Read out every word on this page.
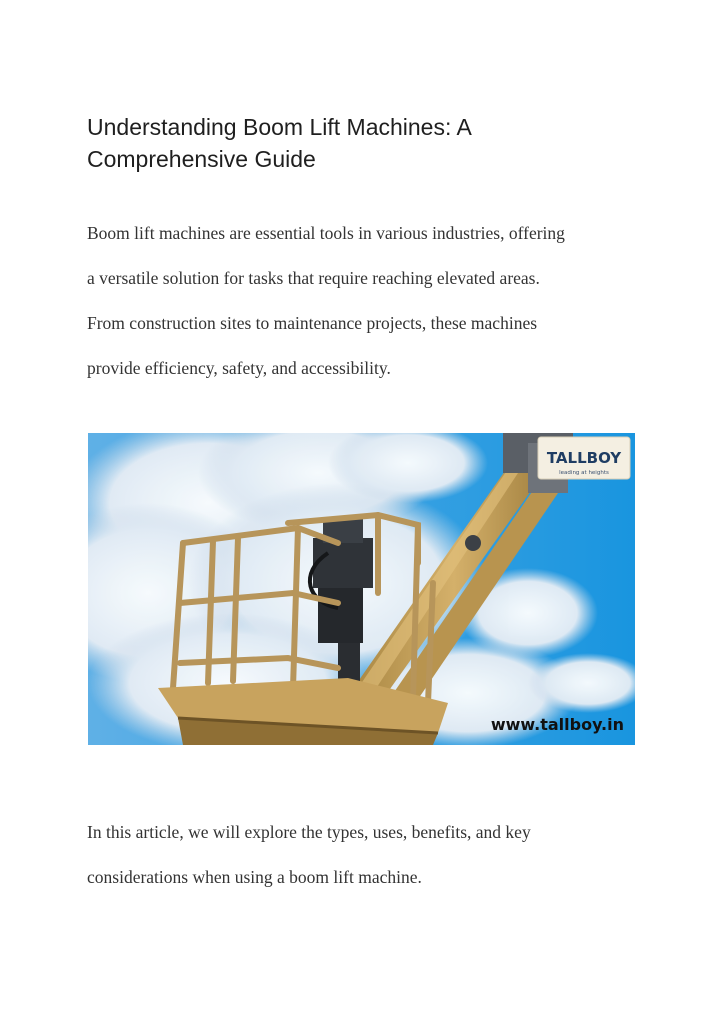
Understanding Boom Lift Machines: A
Comprehensive Guide

Boom lift machines are essential tools in various industries, offering
a versatile solution for tasks that require reaching elevated areas.
From construction sites to maintenance projects, these machines
provide efficiency, safety, and accessibility.

TALLBOY
leading at heights
www.tallboy.in

In this article, we will explore the types, uses, benefits, and key
considerations when using a boom lift machine.
